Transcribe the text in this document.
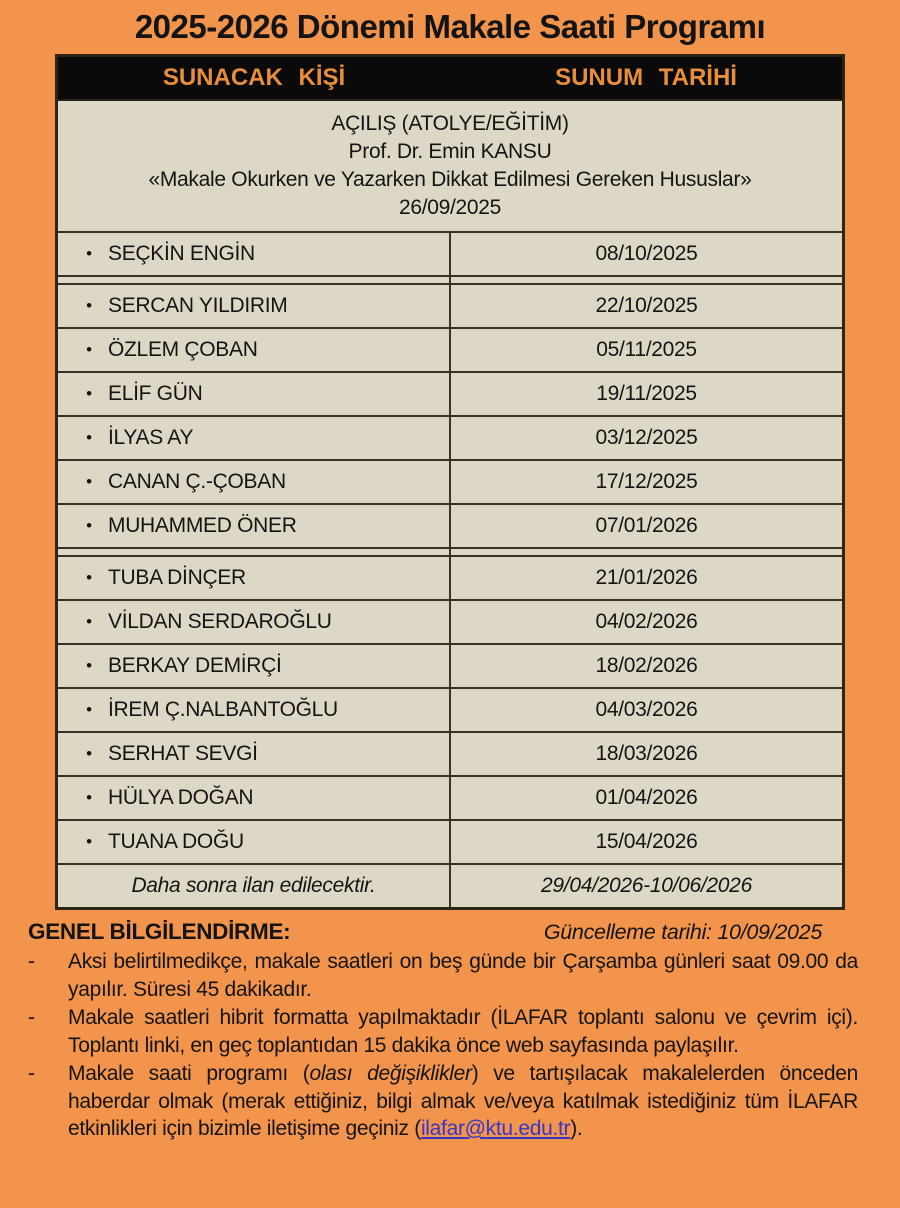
2025-2026 Dönemi Makale Saati Programı
SUNACAK KİŞİ	SUNUM TARİHİ

AÇILIŞ (ATOLYE/EĞİTİM)
Prof. Dr. Emin KANSU
«Makale Okurken ve Yazarken Dikkat Edilmesi Gereken Hususlar»
26/09/2025	

• SEÇKİN ENGİN	08/10/2025

• SERCAN YILDIRIM	22/10/2025
• ÖZLEM ÇOBAN	05/11/2025
• ELİF GÜN	19/11/2025
• İLYAS AY	03/12/2025
• CANAN Ç.-ÇOBAN	17/12/2025
• MUHAMMED ÖNER	07/01/2026

• TUBA DİNÇER	21/01/2026
• VİLDAN SERDAROĞLU	04/02/2026
• BERKAY DEMİRÇİ	18/02/2026
• İREM Ç.NALBANTOĞLU	04/03/2026
• SERHAT SEVGİ	18/03/2026
• HÜLYA DOĞAN	01/04/2026
• TUANA DOĞU	15/04/2026
Daha sonra ilan edilecektir.	29/04/2026-10/06/2026
GENEL BİLGİLENDİRME:	Güncelleme tarihi: 10/09/2025
-	Aksi belirtilmedikçe, makale saatleri on beş günde bir Çarşamba günleri saat 09.00 da yapılır. Süresi 45 dakikadır.
-	Makale saatleri hibrit formatta yapılmaktadır (İLAFAR toplantı salonu ve çevrim içi). Toplantı linki, en geç toplantıdan 15 dakika önce web sayfasında paylaşılır.
-	Makale saati programı (olası değişiklikler) ve tartışılacak makalelerden önceden haberdar olmak (merak ettiğiniz, bilgi almak ve/veya katılmak istediğiniz tüm İLAFAR etkinlikleri için bizimle iletişime geçiniz (ilafar@ktu.edu.tr).
